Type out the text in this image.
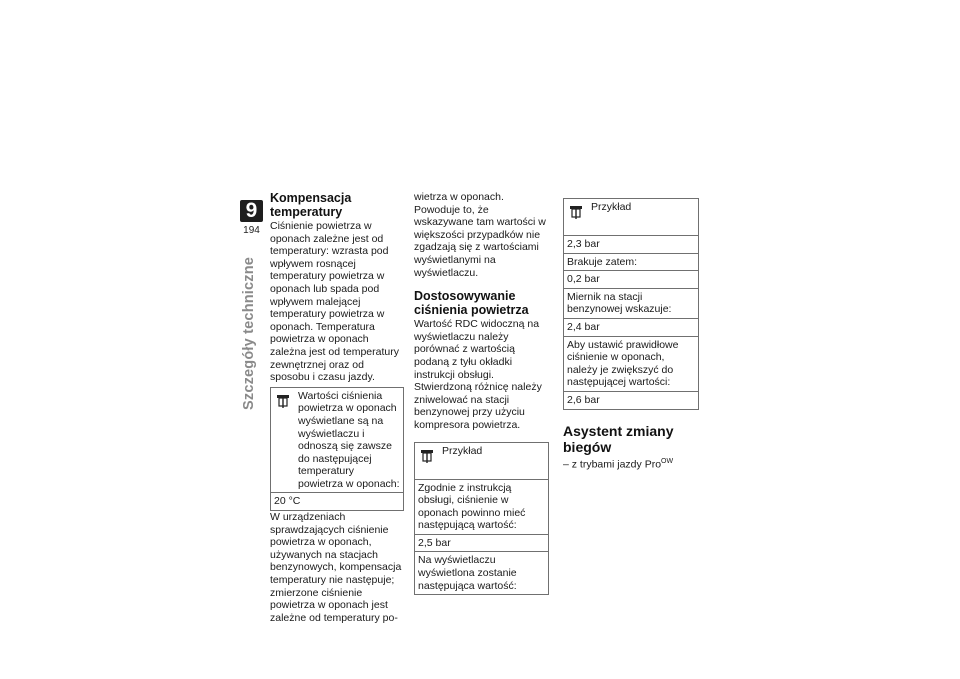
9
194
Szczegóły techniczne
Kompensacja temperatury

Ciśnienie powietrza w oponach zależne jest od temperatury: wzrasta pod wpływem rosnącej temperatury powietrza w oponach lub spada pod wpływem malejącej temperatury powietrza w oponach. Temperatura powietrza w oponach zależna jest od temperatury zewnętrznej oraz od sposobu i czasu jazdy.

Wartości ciśnienia powietrza w oponach wyświetlane są na wyświetlaczu i odnoszą się zawsze do następującej temperatury powietrza w oponach:
20 °C

W urządzeniach sprawdzających ciśnienie powietrza w oponach, używanych na stacjach benzynowych, kompensacja temperatury nie następuje; zmierzone ciśnienie powietrza w oponach jest zależne od temperatury po-

wietrza w oponach. Powoduje to, że wskazywane tam wartości w większości przypadków nie zgadzają się z wartościami wyświetlanymi na wyświetlaczu.

Dostosowywanie ciśnienia powietrza

Wartość RDC widoczną na wyświetlaczu należy porównać z wartością podaną z tyłu okładki instrukcji obsługi. Stwierdzoną różnicę należy zniwelować na stacji benzynowej przy użyciu kompresora powietrza.

Przykład
Zgodnie z instrukcją obsługi, ciśnienie w oponach powinno mieć następującą wartość:
2,5 bar
Na wyświetlaczu wyświetlona zostanie następująca wartość:
Przykład
2,3 bar
Brakuje zatem:
0,2 bar
Miernik na stacji benzynowej wskazuje:
2,4 bar
Aby ustawić prawidłowe ciśnienie w oponach, należy je zwiększyć do następującej wartości:
2,6 bar
Asystent zmiany biegów

– z trybami jazdy Pro$^{OW}$
